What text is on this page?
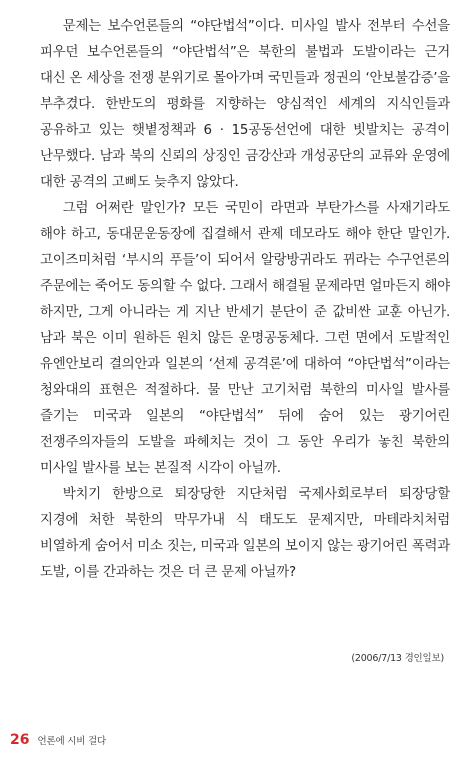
문제는 보수언론들의 “야단법석”이다. 미사일 발사 전부터 수선을 피우던 보수언론들의 “야단법석”은 북한의 불법과 도발이라는 근거 대신 온 세상을 전쟁 분위기로 몰아가며 국민들과 정권의 ‘안보불감증’을 부추겼다. 한반도의 평화를 지향하는 양심적인 세계의 지식인들과 공유하고 있는 햇볕정책과 6 · 15공동선언에 대한 빗발치는 공격이 난무했다. 남과 북의 신뢰의 상징인 금강산과 개성공단의 교류와 운영에 대한 공격의 고삐도 늦추지 않았다.

그럼 어쩌란 말인가? 모든 국민이 라면과 부탄가스를 사재기라도 해야 하고, 동대문운동장에 집결해서 관제 데모라도 해야 한단 말인가. 고이즈미처럼 ‘부시의 푸들’이 되어서 알랑방귀라도 뀌라는 수구언론의 주문에는 죽어도 동의할 수 없다. 그래서 해결될 문제라면 얼마든지 해야 하지만, 그게 아니라는 게 지난 반세기 분단이 준 값비싼 교훈 아닌가. 남과 북은 이미 원하든 원치 않든 운명공동체다. 그런 면에서 도발적인 유엔안보리 결의안과 일본의 ‘선제 공격론’에 대하여 “야단법석”이라는 청와대의 표현은 적절하다. 물 만난 고기처럼 북한의 미사일 발사를 즐기는 미국과 일본의 “야단법석” 뒤에 숨어 있는 광기어린 전쟁주의자들의 도발을 파헤치는 것이 그 동안 우리가 놓친 북한의 미사일 발사를 보는 본질적 시각이 아닐까.

박치기 한방으로 퇴장당한 지단처럼 국제사회로부터 퇴장당할 지경에 처한 북한의 막무가내 식 태도도 문제지만, 마테라치처럼 비열하게 숨어서 미소 짓는, 미국과 일본의 보이지 않는 광기어린 폭력과 도발, 이를 간과하는 것은 더 큰 문제 아닐까?

(2006/7/13 경인일보)
26 언론에 시비 걸다
